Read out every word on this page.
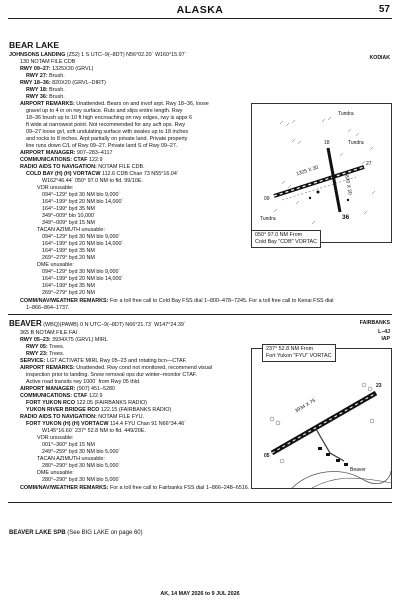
ALASKA	57
BEAR LAKE
KODIAK
JOHNSONS LANDING (Z52) 1 S UTC–9(–8DT) N56°02.20´ W160°15.97´
130 NOTAM FILE CDB
RWY 09–27: 1325X30 (GRVL)
RWY 27: Brush.
RWY 18–36: 820X20 (GRVL–DIRT)
RWY 18: Brush.
RWY 36: Brush.
AIRPORT REMARKS: Unattended. Bears on and invof arpt. Rwy 18–36, loose
gravel up to 4 in on rwy surface. Ruts and slips entire length. Rwy
18–36 brush up to 10 ft high encroaching on rwy edges, rwy is appx 6
ft wide at narrowest point. Not recommended for any acft ops. Rwy
09–27 loose gvl, soft undulating surface with swales up to 18 inches
and rocks to 8 inches. Arpt partially on private land. Private property
line runs down C/L of Rwy 09–27. Private land S of Rwy 09–27.
AIRPORT MANAGER: 907–283–4117
COMMUNICATIONS: CTAF 122.9
RADIO AIDS TO NAVIGATION: NOTAM FILE CDB.
COLD BAY (H) (H) VORTACW 112.6 CDB Chan 73 N55°16.04´
W162°46.44´ 050° 97.0 NM to fld. 99/10E.
VOR unusable:
094°–129° byd 30 NM blo 9,000´
164°–199° byd 20 NM blo 14,000´
164°–199° byd 35 NM
349°–009° blo 10,000´
349°–009° byd 15 NM
TACAN AZIMUTH unusable:
094°–129° byd 30 NM blo 9,000´
164°–199° byd 20 NM blo 14,000´
164°–199° byd 35 NM
269°–279° byd 20 NM
DME unusable:
094°–129° byd 30 NM blo 9,000´
164°–199° byd 20 NM blo 14,000´
164°–199° byd 35 NM
269°–279° byd 20 NM
COMM/NAV/WEATHER REMARKS: For a toll free call to Cold Bay FSS dial 1–800–478–7245. For a toll free call to Kenai FSS dial
1–866–864–1737.
Tundra
Tundra
Tundra
1325 X 30
820 X 20
09
27
18
36
050° 97.0 NM From
Cold Bay "CDB" VORTAC
BEAVER (WBQ)(PAWB) 0 N UTC–9(–8DT) N66°21.73´ W147°24.39´	FAIRBANKS
L–4J
IAP
365 B NOTAM FILE FAI
RWY 05–23: 3934X75 (GRVL) MIRL
RWY 05: Trees.
RWY 23: Trees.
SERVICE: LGT ACTIVATE MIRL Rwy 05–23 and rotating bcn—CTAF.
AIRPORT REMARKS: Unattended. Rwy cond not monitored, recommend visual
inspection prior to landing. Snow removal ops dur winter–monitor CTAF.
Active road transits rwy 1000´ from Rwy 05 thld.
AIRPORT MANAGER: (907) 451–5280
COMMUNICATIONS: CTAF 122.9
FORT YUKON RCO 122.05 (FAIRBANKS RADIO)
YUKON RIVER BRIDGE RCO 122.15 (FAIRBANKS RADIO)
RADIO AIDS TO NAVIGATION: NOTAM FILE FYU.
FORT YUKON (H) (H) VORTACW 114.4 FYU Chan 91 N66°34.46´
W145°16.60´ 237° 52.8 NM to fld. 449/20E.
VOR unusable:
001°–360° byd 15 NM
249°–259° byd 30 NM blo 5,000´
TACAN AZIMUTH unusable:
280°–290° byd 30 NM blo 5,000´
DME unusable:
280°–290° byd 30 NM blo 5,000´
COMM/NAV/WEATHER REMARKS: For a toll free call to Fairbanks FSS dial 1–866–248–6516.
3934 X 75
05
23
Beaver
237° 52.8 NM From
Fort Yukon "FYU" VORTAC
BEAVER LAKE SPB (See BIG LAKE on page 60)
AK, 14 MAY 2026 to 9 JUL 2026
